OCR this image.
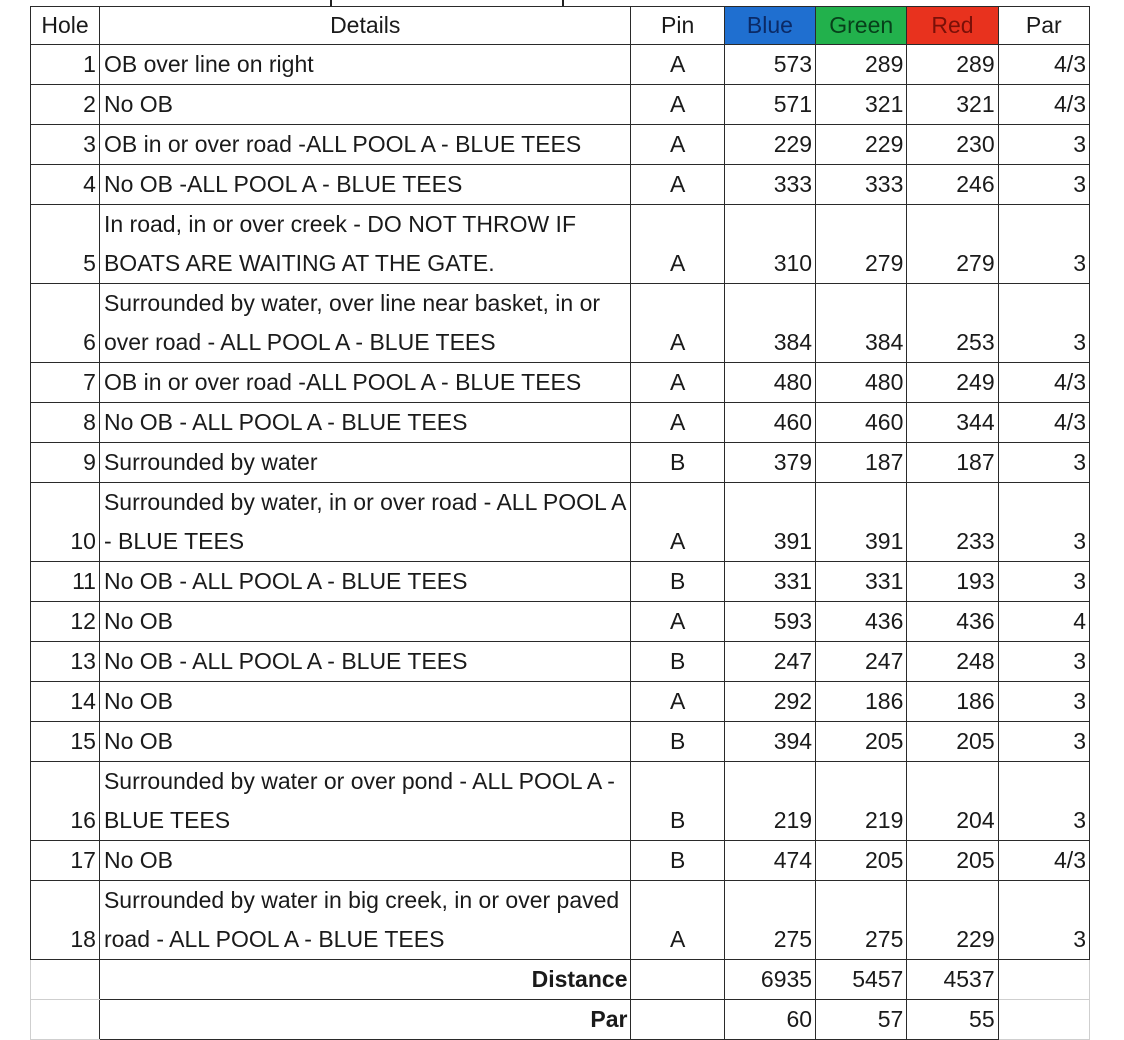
Hole	Details	Pin	Blue	Green	Red	Par
1	OB over line on right	A	573	289	289	4/3
2	No OB	A	571	321	321	4/3
3	OB in or over road -ALL POOL A - BLUE TEES	A	229	229	230	3
4	No OB -ALL POOL A - BLUE TEES	A	333	333	246	3
5	In road, in or over creek - DO NOT THROW IF BOATS ARE WAITING AT THE GATE.	A	310	279	279	3
6	Surrounded by water, over line near basket, in or over road - ALL POOL A - BLUE TEES	A	384	384	253	3
7	OB in or over road -ALL POOL A - BLUE TEES	A	480	480	249	4/3
8	No OB - ALL POOL A - BLUE TEES	A	460	460	344	4/3
9	Surrounded by water	B	379	187	187	3
10	Surrounded by water, in or over road - ALL POOL A - BLUE TEES	A	391	391	233	3
11	No OB - ALL POOL A - BLUE TEES	B	331	331	193	3
12	No OB	A	593	436	436	4
13	No OB - ALL POOL A - BLUE TEES	B	247	247	248	3
14	No OB	A	292	186	186	3
15	No OB	B	394	205	205	3
16	Surrounded by water or over pond - ALL POOL A - BLUE TEES	B	219	219	204	3
17	No OB	B	474	205	205	4/3
18	Surrounded by water in big creek, in or over paved road - ALL POOL A - BLUE TEES	A	275	275	229	3
	Distance		6935	5457	4537	
	Par		60	57	55	
